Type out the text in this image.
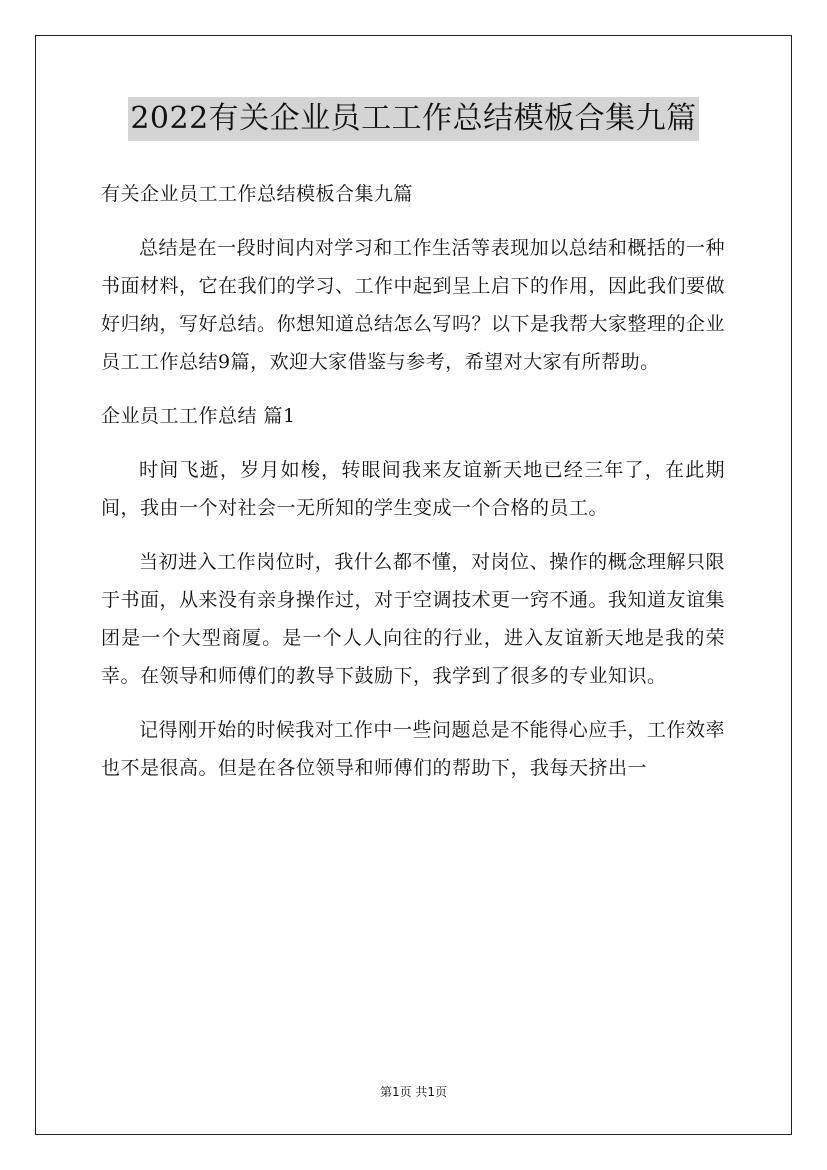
2022有关企业员工工作总结模板合集九篇

有关企业员工工作总结模板合集九篇

总结是在一段时间内对学习和工作生活等表现加以总结和概括的一种书面材料，它在我们的学习、工作中起到呈上启下的作用，因此我们要做好归纳，写好总结。你想知道总结怎么写吗？以下是我帮大家整理的企业员工工作总结9篇，欢迎大家借鉴与参考，希望对大家有所帮助。

企业员工工作总结 篇1

时间飞逝，岁月如梭，转眼间我来友谊新天地已经三年了，在此期间，我由一个对社会一无所知的学生变成一个合格的员工。

当初进入工作岗位时，我什么都不懂，对岗位、操作的概念理解只限于书面，从来没有亲身操作过，对于空调技术更一窍不通。我知道友谊集团是一个大型商厦。是一个人人向往的行业，进入友谊新天地是我的荣幸。在领导和师傅们的教导下鼓励下，我学到了很多的专业知识。

记得刚开始的时候我对工作中一些问题总是不能得心应手，工作效率也不是很高。但是在各位领导和师傅们的帮助下，我每天挤出一

第1页 共1页
